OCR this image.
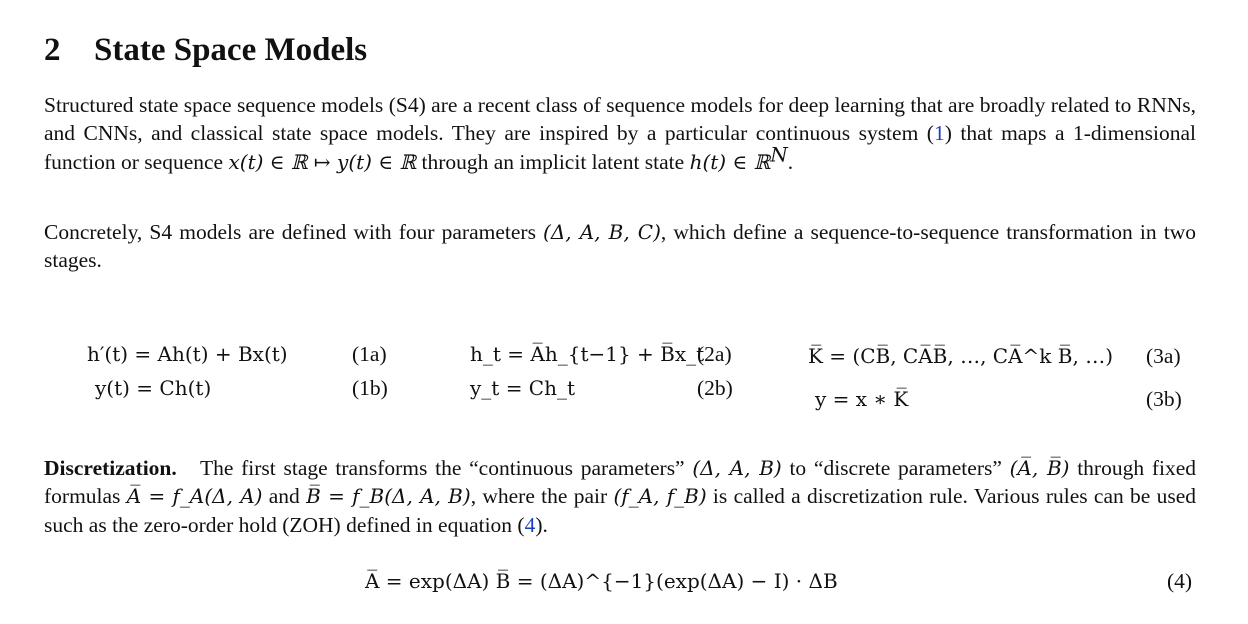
2 State Space Models

Structured state space sequence models (S4) are a recent class of sequence models for deep learning that are broadly related to RNNs, and CNNs, and classical state space models. They are inspired by a particular continuous system (1) that maps a 1-dimensional function or sequence x(t) ∈ ℝ ↦ y(t) ∈ ℝ through an implicit latent state h(t) ∈ ℝ$^N$.

Concretely, S4 models are defined with four parameters (Δ, A, B, C), which define a sequence-to-sequence transformation in two stages.

h′(t) = Ah(t) + Bx(t)	(1a)
y(t) = Ch(t)	(1b)
h_t = A̅h_{t−1} + B̅x_t
(2a)
y_t = Ch_t	(2b)
K̅ = (CB̅, CA̅B̅, …, CA̅^k B̅, …) (3a)
y = x ∗ K̅	(3b)

Discretization. The first stage transforms the “continuous parameters” (Δ, A, B) to “discrete parameters” (A̅, B̅) through fixed formulas A̅ = f_A(Δ, A) and B̅ = f_B(Δ, A, B), where the pair (f_A, f_B) is called a discretization rule. Various rules can be used such as the zero-order hold (ZOH) defined in equation (4).

A̅ = exp(ΔA) B̅ = (ΔA)^{−1}(exp(ΔA) − I) · ΔB	(4)
